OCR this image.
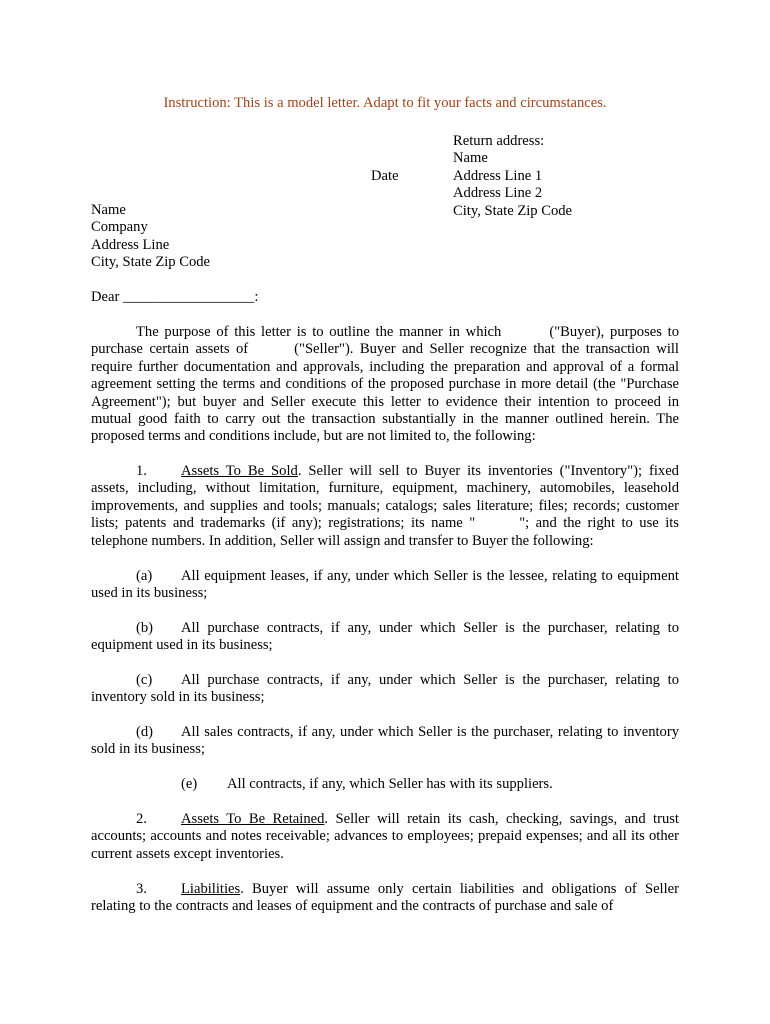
Instruction: This is a model letter. Adapt to fit your facts and circumstances.
Return address:
Name
Address Line 1
Address Line 2
City, State Zip Code
Date
Name
Company
Address Line
City, State Zip Code
Dear __________________:
The purpose of this letter is to outline the manner in which	("Buyer), purposes to purchase certain assets of	("Seller"). Buyer and Seller recognize that the transaction will require further documentation and approvals, including the preparation and approval of a formal agreement setting the terms and conditions of the proposed purchase in more detail (the "Purchase Agreement"); but buyer and Seller execute this letter to evidence their intention to proceed in mutual good faith to carry out the transaction substantially in the manner outlined herein. The proposed terms and conditions include, but are not limited to, the following:
1. Assets To Be Sold. Seller will sell to Buyer its inventories ("Inventory"); fixed assets, including, without limitation, furniture, equipment, machinery, automobiles, leasehold improvements, and supplies and tools; manuals; catalogs; sales literature; files; records; customer lists; patents and trademarks (if any); registrations; its name "	"; and the right to use its telephone numbers. In addition, Seller will assign and transfer to Buyer the following:
(a) All equipment leases, if any, under which Seller is the lessee, relating to equipment used in its business;
(b) All purchase contracts, if any, under which Seller is the purchaser, relating to equipment used in its business;
(c) All purchase contracts, if any, under which Seller is the purchaser, relating to inventory sold in its business;
(d) All sales contracts, if any, under which Seller is the purchaser, relating to inventory sold in its business;
(e) All contracts, if any, which Seller has with its suppliers.
2. Assets To Be Retained. Seller will retain its cash, checking, savings, and trust accounts; accounts and notes receivable; advances to employees; prepaid expenses; and all its other current assets except inventories.
3. Liabilities. Buyer will assume only certain liabilities and obligations of Seller relating to the contracts and leases of equipment and the contracts of purchase and sale of
